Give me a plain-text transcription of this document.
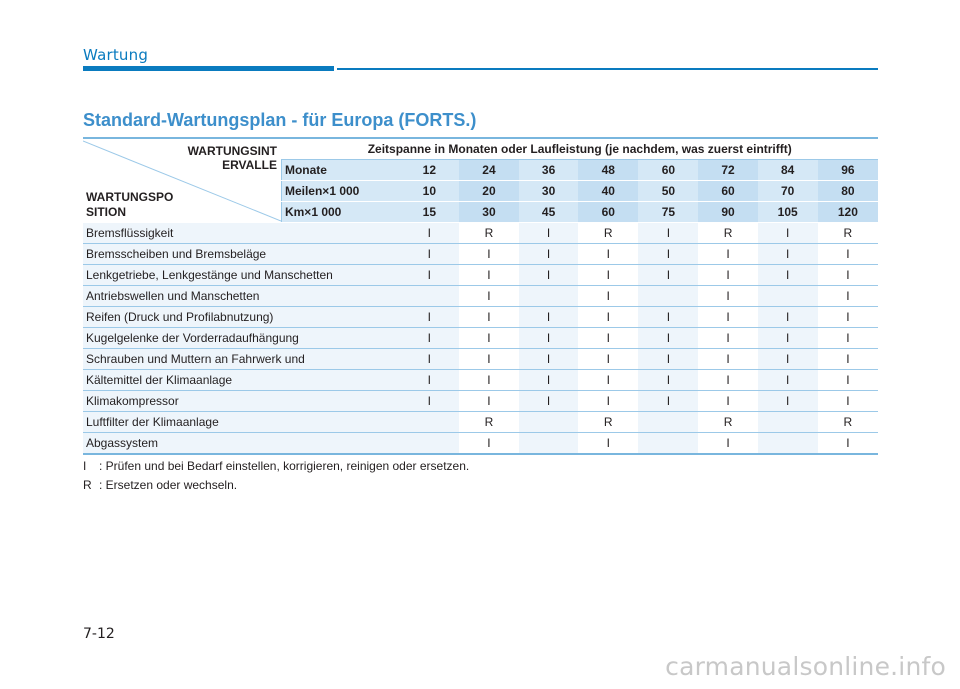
Wartung
Standard-Wartungsplan - für Europa (FORTS.)
WARTUNGSINT
ERVALLE
WARTUNGSPO
SITION	Zeitspanne in Monaten oder Laufleistung (je nachdem, was zuerst eintrifft)								
	Monate	12	24	36	48	60	72	84	96
	Meilen×1 000	10	20	30	40	50	60	70	80
	Km×1 000	15	30	45	60	75	90	105	120
Bremsflüssigkeit		I	R	I	R	I	R	I	R
Bremsscheiben und Bremsbeläge		I	I	I	I	I	I	I	I
Lenkgetriebe, Lenkgestänge und Manschetten		I	I	I	I	I	I	I	I
Antriebswellen und Manschetten			I		I		I		I
Reifen (Druck und Profilabnutzung)		I	I	I	I	I	I	I	I
Kugelgelenke der Vorderradaufhängung		I	I	I	I	I	I	I	I
Schrauben und Muttern an Fahrwerk und		I	I	I	I	I	I	I	I
Kältemittel der Klimaanlage		I	I	I	I	I	I	I	I
Klimakompressor		I	I	I	I	I	I	I	I
Luftfilter der Klimaanlage			R		R		R		R
Abgassystem			I		I		I		I
I : Prüfen und bei Bedarf einstellen, korrigieren, reinigen oder ersetzen.
R : Ersetzen oder wechseln.
7-12
carmanualsonline.info
